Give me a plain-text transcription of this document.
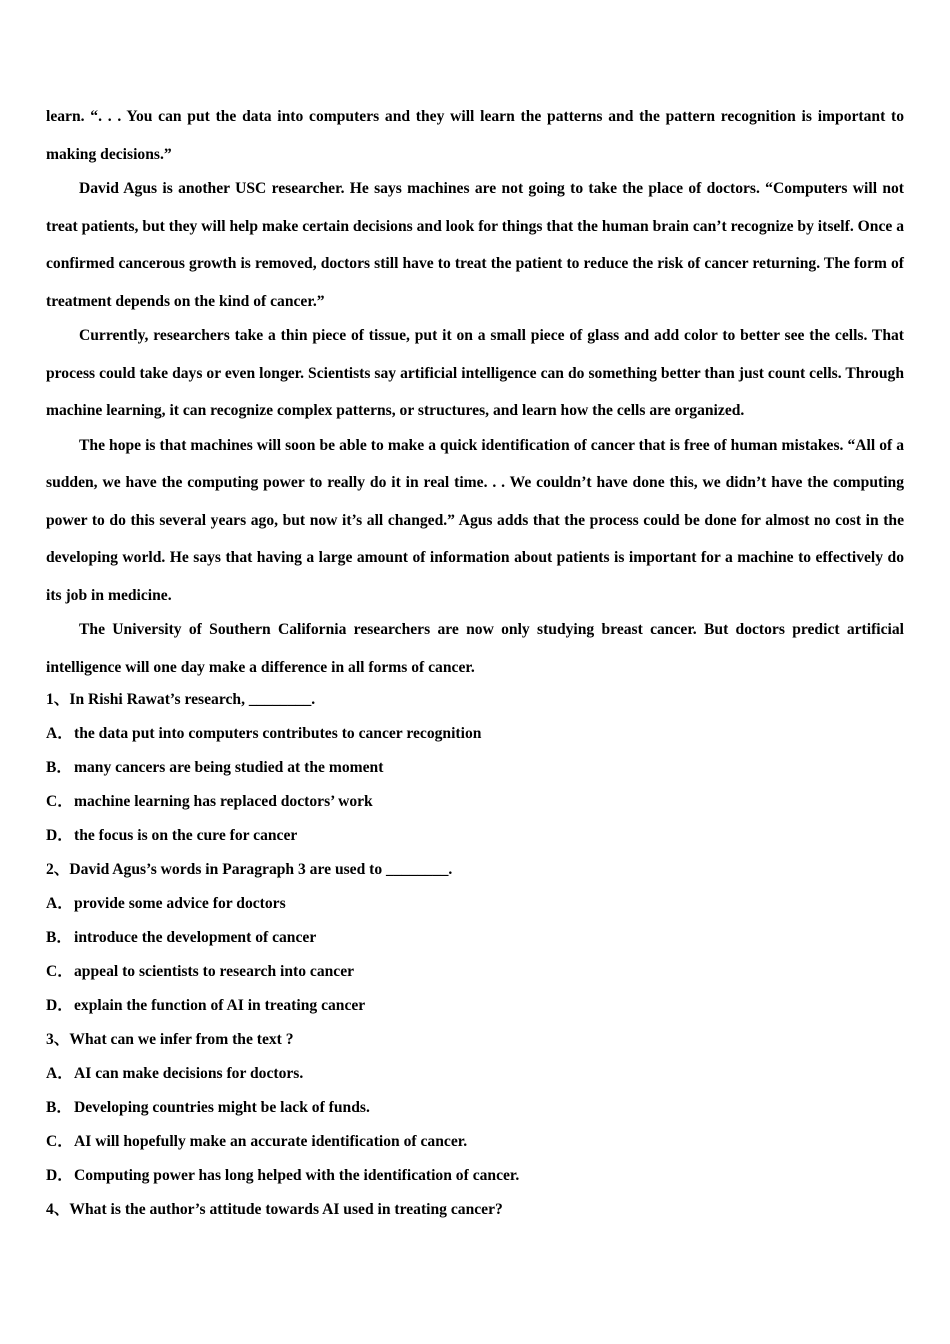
learn. “. . . You can put the data into computers and they will learn the patterns and the pattern recognition is important to making decisions.”

David Agus is another USC researcher. He says machines are not going to take the place of doctors. “Computers will not treat patients, but they will help make certain decisions and look for things that the human brain can’t recognize by itself. Once a confirmed cancerous growth is removed, doctors still have to treat the patient to reduce the risk of cancer returning. The form of treatment depends on the kind of cancer.”

Currently, researchers take a thin piece of tissue, put it on a small piece of glass and add color to better see the cells. That process could take days or even longer. Scientists say artificial intelligence can do something better than just count cells. Through machine learning, it can recognize complex patterns, or structures, and learn how the cells are organized.

The hope is that machines will soon be able to make a quick identification of cancer that is free of human mistakes. “All of a sudden, we have the computing power to really do it in real time. . . We couldn’t have done this, we didn’t have the computing power to do this several years ago, but now it’s all changed.” Agus adds that the process could be done for almost no cost in the developing world. He says that having a large amount of information about patients is important for a machine to effectively do its job in medicine.

The University of Southern California researchers are now only studying breast cancer. But doctors predict artificial intelligence will one day make a difference in all forms of cancer.

1、In Rishi Rawat’s research, ________.

A．the data put into computers contributes to cancer recognition

B． many cancers are being studied at the moment

C．machine learning has replaced doctors’ work

D．the focus is on the cure for cancer

2、David Agus’s words in Paragraph 3 are used to ________.

A．provide some advice for doctors

B． introduce the development of cancer

C．appeal to scientists to research into cancer

D．explain the function of AI in treating cancer

3、What can we infer from the text ?

A．AI can make decisions for doctors.

B． Developing countries might be lack of funds.

C．AI will hopefully make an accurate identification of cancer.

D．Computing power has long helped with the identification of cancer.

4、What is the author’s attitude towards AI used in treating cancer?
